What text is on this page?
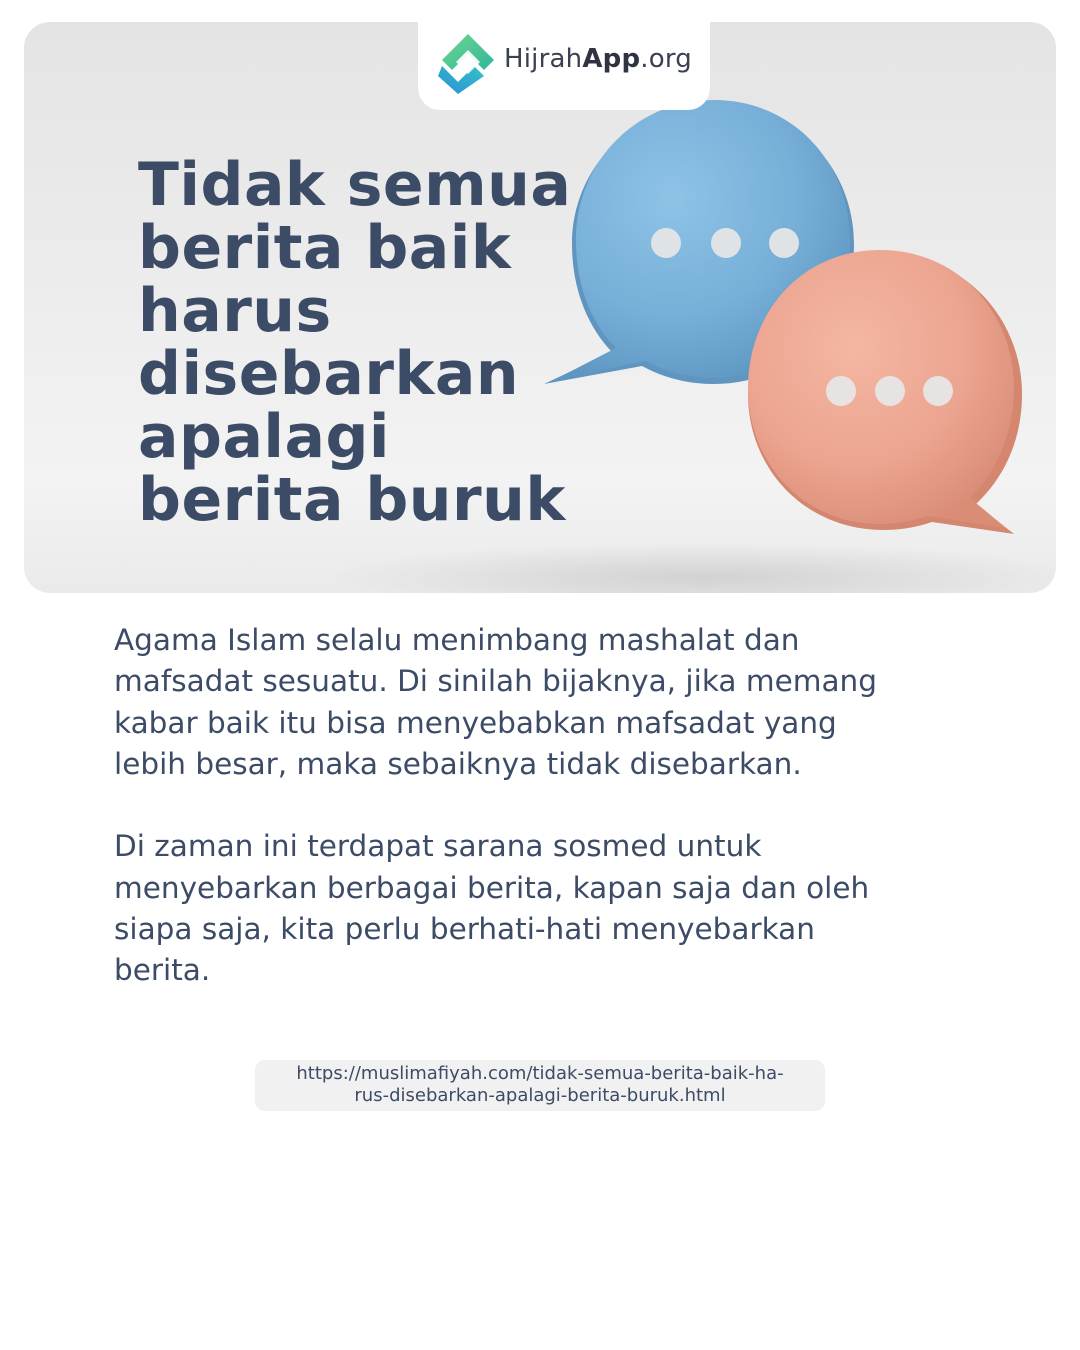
HijrahApp.org
Tidak semua
berita baik
harus
disebarkan
apalagi
berita buruk

Agama Islam selalu menimbang mashalat dan mafsadat sesuatu. Di sinilah bijaknya, jika memang kabar baik itu bisa menyebabkan mafsadat yang lebih besar, maka sebaiknya tidak disebarkan.

Di zaman ini terdapat sarana sosmed untuk menyebarkan berbagai berita, kapan saja dan oleh siapa saja, kita perlu berhati-hati menyebarkan berita.

https://muslimafiyah.com/tidak-semua-berita-baik-ha-
rus-disebarkan-apalagi-berita-buruk.html
